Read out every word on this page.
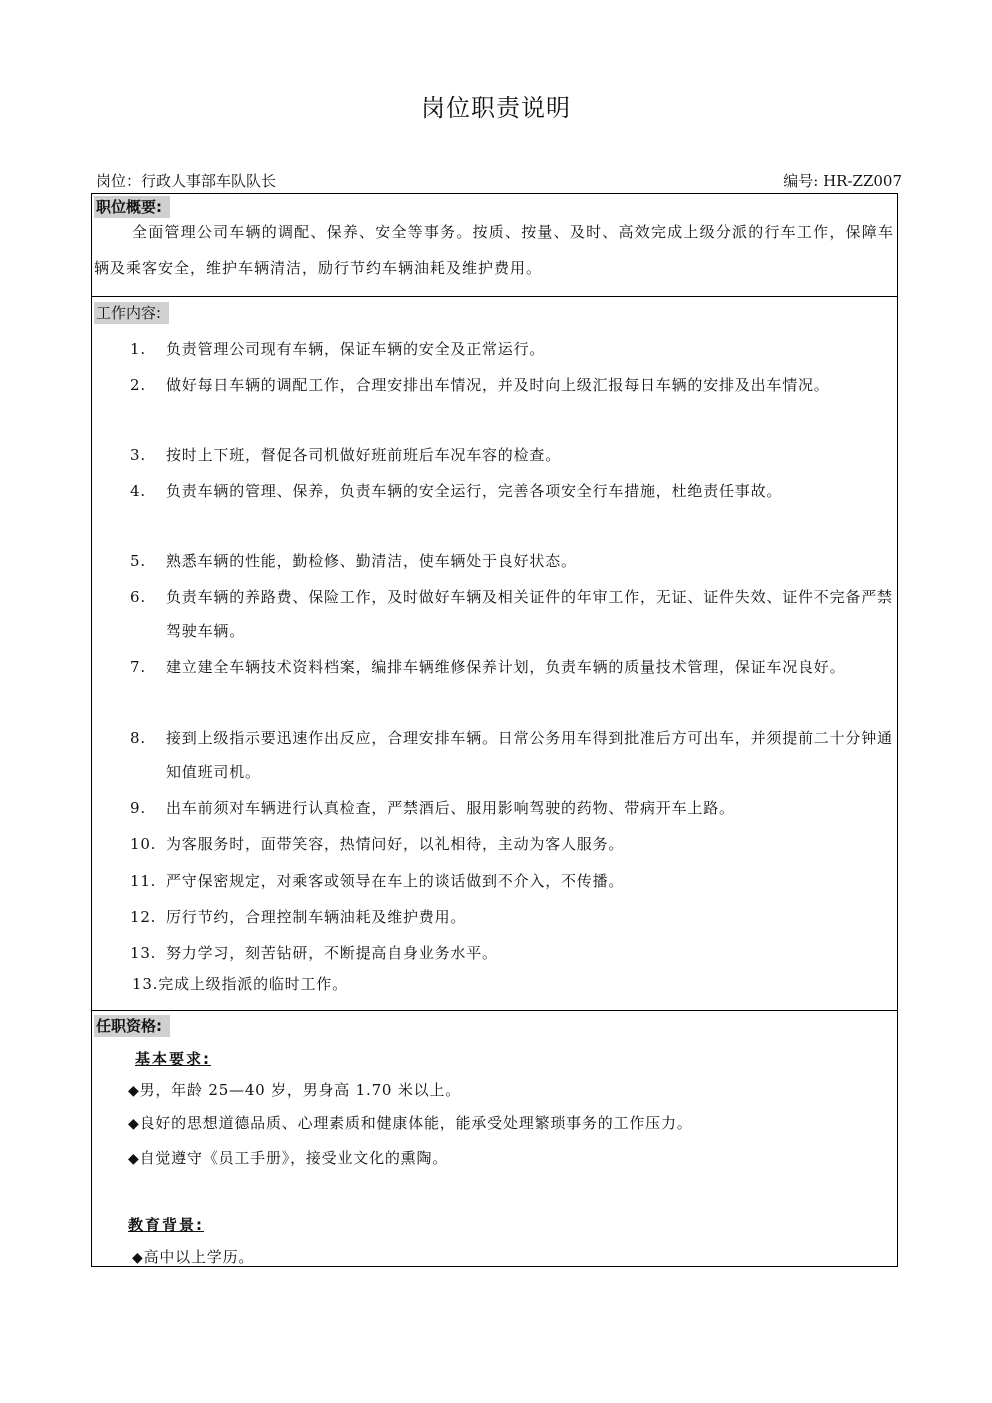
岗位职责说明
岗位：行政人事部车队队长	编号: HR-ZZ007
职位概要:
全面管理公司车辆的调配、保养、安全等事务。按质、按量、及时、高效完成上级分派的行车工作，保障车辆及乘客安全，维护车辆清洁，励行节约车辆油耗及维护费用。
工作内容:
1.	负责管理公司现有车辆，保证车辆的安全及正常运行。
2.	做好每日车辆的调配工作，合理安排出车情况，并及时向上级汇报每日车辆的安排及出车情况。
3.	按时上下班，督促各司机做好班前班后车况车容的检查。
4.	负责车辆的管理、保养，负责车辆的安全运行，完善各项安全行车措施，杜绝责任事故。
5.	熟悉车辆的性能，勤检修、勤清洁，使车辆处于良好状态。
6.	负责车辆的养路费、保险工作，及时做好车辆及相关证件的年审工作，无证、证件失效、证件不完备严禁驾驶车辆。
7.	建立建全车辆技术资料档案，编排车辆维修保养计划，负责车辆的质量技术管理，保证车况良好。
8.	接到上级指示要迅速作出反应，合理安排车辆。日常公务用车得到批准后方可出车，并须提前二十分钟通知值班司机。
9.	出车前须对车辆进行认真检查，严禁酒后、服用影响驾驶的药物、带病开车上路。
10. 为客服务时，面带笑容，热情问好，以礼相待，主动为客人服务。
11. 严守保密规定，对乘客或领导在车上的谈话做到不介入，不传播。
12. 厉行节约，合理控制车辆油耗及维护费用。
13. 努力学习，刻苦钻研，不断提高自身业务水平。
13.完成上级指派的临时工作。
任职资格:
基本要求:
◆男，年龄 25—40 岁，男身高 1.70 米以上。
◆良好的思想道德品质、心理素质和健康体能，能承受处理繁琐事务的工作压力。
◆自觉遵守《员工手册》，接受业文化的熏陶。
教育背景:
◆高中以上学历。
